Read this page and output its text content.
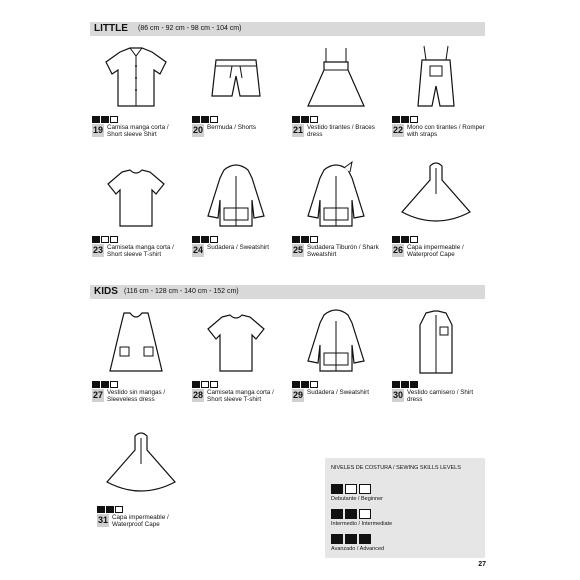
LITTLE (86 cm - 92 cm - 98 cm - 104 cm)
KIDS (116 cm - 128 cm - 140 cm - 152 cm)
19 Camisa manga corta / Short sleeve Shirt	20 Bermuda / Shorts	21 Vestido tirantes / Braces dress	22 Mono con tirantes / Romper with straps
23 Camiseta manga corta / Short sleeve T-shirt	24 Sudadera / Sweatshirt	25 Sudadera Tiburón / Shark Sweatshirt	26 Capa impermeable / Waterproof Cape
27 Vestido sin mangas / Sleeveless dress	28 Camiseta manga corta / Short sleeve T-shirt	29 Sudadera / Sweatshirt	30 Vestido camisero / Shirt dress
31 Capa impermeable / Waterproof Cape
NIVELES DE COSTURA / SEWING SKILLS LEVELS
Debutante / Beginner
Intermedio / Intermediate
Avanzado / Advanced
27
